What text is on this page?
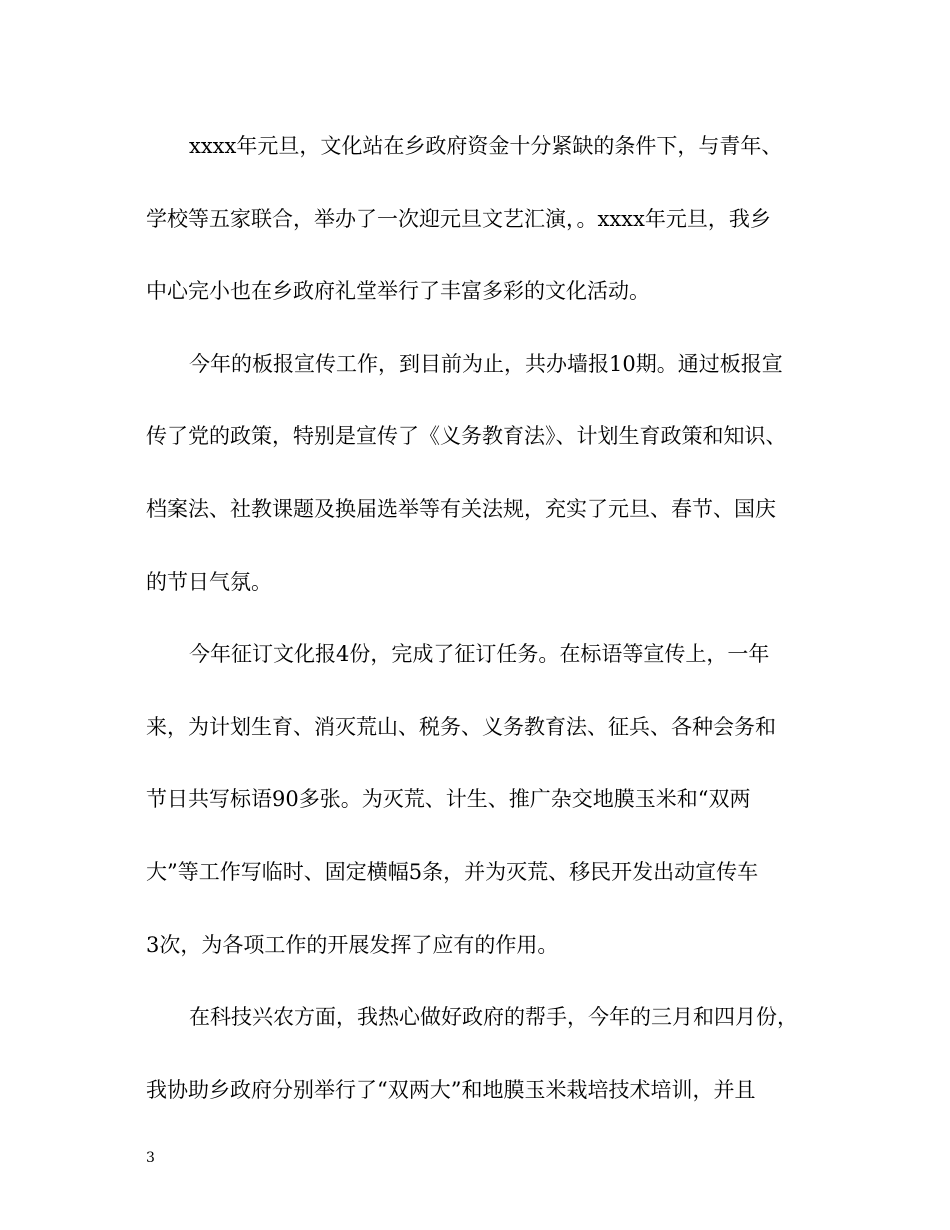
xxxx年元旦，文化站在乡政府资金十分紧缺的条件下，与青年、
学校等五家联合，举办了一次迎元旦文艺汇演，。xxxx年元旦，我乡
中心完小也在乡政府礼堂举行了丰富多彩的文化活动。
今年的板报宣传工作，到目前为止，共办墙报10期。通过板报宣
传了党的政策，特别是宣传了《义务教育法》、计划生育政策和知识、
档案法、社教课题及换届选举等有关法规，充实了元旦、春节、国庆
的节日气氛。
今年征订文化报4份，完成了征订任务。在标语等宣传上，一年
来，为计划生育、消灭荒山、税务、义务教育法、征兵、各种会务和
节日共写标语90多张。为灭荒、计生、推广杂交地膜玉米和“双两
大”等工作写临时、固定横幅5条，并为灭荒、移民开发出动宣传车
3次，为各项工作的开展发挥了应有的作用。
在科技兴农方面，我热心做好政府的帮手，今年的三月和四月份，
我协助乡政府分别举行了“双两大”和地膜玉米栽培技术培训，并且
3
